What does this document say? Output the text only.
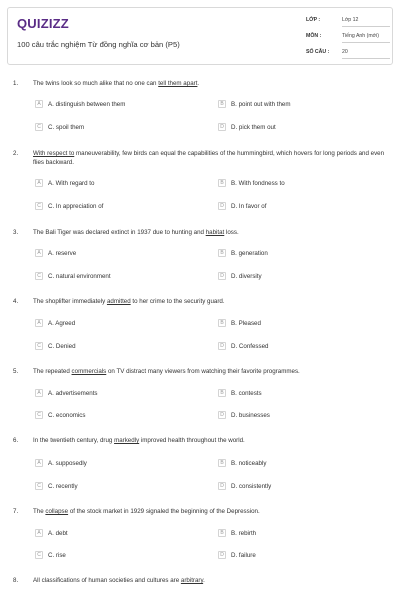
QUIZIZZ
100 câu trắc nghiệm Từ đồng nghĩa cơ bản (P5)
LỚP :	Lớp 12
MÔN :	Tiếng Anh (mới)
SỐ CÂU :	20
1. The twins look so much alike that no one can tell them apart.
A	A. distinguish between them	B	B. point out with them
C	C. spoil them	D	D. pick them out
2. With respect to maneuverability, few birds can equal the capabilities of the hummingbird, which hovers for long periods and even flies backward.
A	A. With regard to	B	B. With fondness to
C	C. In appreciation of	D	D. In favor of
3. The Bali Tiger was declared extinct in 1937 due to hunting and habitat loss.
A	A. reserve	B	B. generation
C	C. natural environment	D	D. diversity
4. The shoplifter immediately admitted to her crime to the security guard.
A	A. Agreed	B	B. Pleased
C	C. Denied	D	D. Confessed
5. The repeated commercials on TV distract many viewers from watching their favorite programmes.
A	A. advertisements	B	B. contests
C	C. economics	D	D. businesses
6. In the twentieth century, drug markedly improved health throughout the world.
A	A. supposedly	B	B. noticeably
C	C. recently	D	D. consistently
7. The collapse of the stock market in 1929 signaled the beginning of the Depression.
A	A. debt	B	B. rebirth
C	C. rise	D	D. failure
8. All classifications of human societies and cultures are arbitrary.
